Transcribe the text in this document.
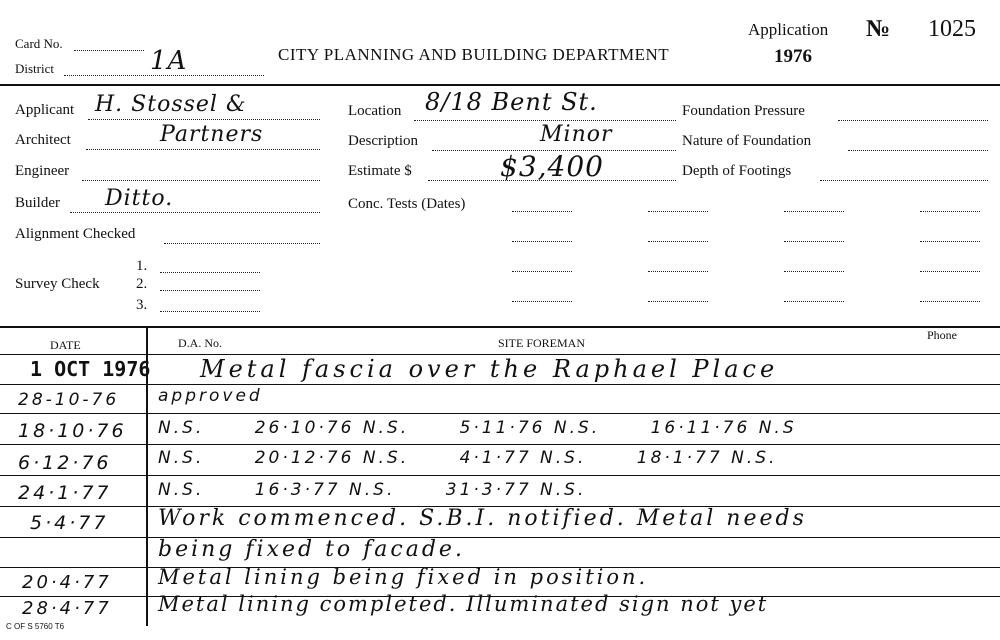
Card No.
District	1A	CITY PLANNING AND BUILDING DEPARTMENT
Application
1976
№ 1025
Applicant H. Stossel &
Architect	Partners
Engineer
Builder Ditto.
Alignment Checked
Survey Check
1.
2.
3.
Location 8/18 Bent St.
Description	Minor
Estimate $	$3,400
Conc. Tests (Dates)
Foundation Pressure
Nature of Foundation
Depth of Footings
DATE	D.A. No.	SITE FOREMAN
Phone
1 OCT 1976 Metal fascia over the Raphael Place
28-10-76 approved
18·10·76 N.S.      26·10·76 N.S.      5·11·76 N.S.      16·11·76 N.S
6·12·76	N.S.      20·12·76 N.S.      4·1·77 N.S.      18·1·77 N.S.
24·1·77	N.S.      16·3·77 N.S.      31·3·77 N.S.
5·4·77 Work commenced. S.B.I. notified. Metal needs
being fixed to facade.
20·4·77 Metal lining being fixed in position.
28·4·77 Metal lining completed. Illuminated sign not yet
C OF S 5760 T6
